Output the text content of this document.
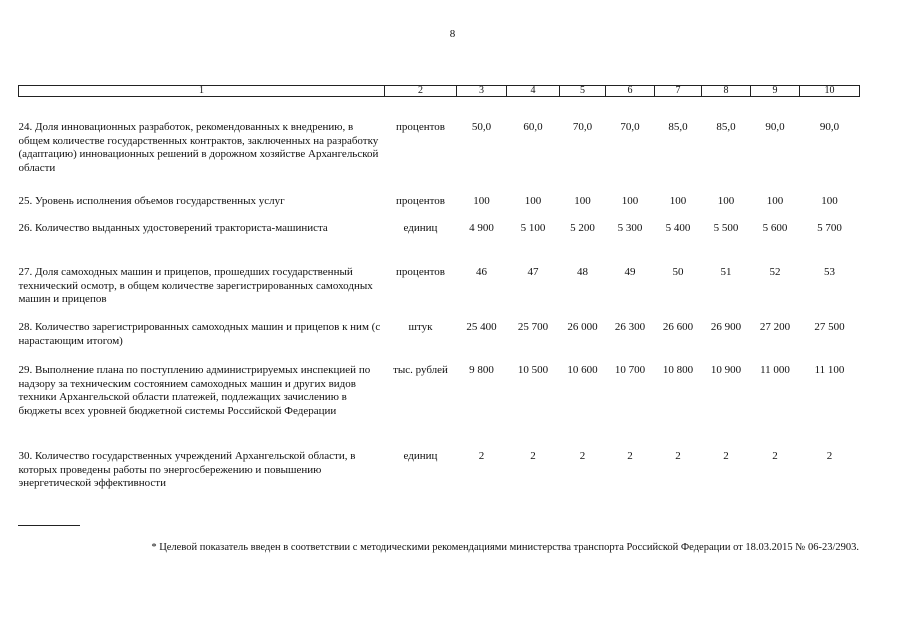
8
1	2	3	4	5	6	7	8	9	10
24. Доля инновационных разработок, рекомендованных к внедрению, в общем количестве государственных контрактов, заключенных на разработку (адаптацию) инновационных решений в дорожном хозяйстве Архангельской области	процентов	50,0	60,0	70,0	70,0	85,0	85,0	90,0	90,0
25. Уровень исполнения объемов государственных услуг	процентов	100	100	100	100	100	100	100	100
26. Количество выданных удостоверений тракториста-машиниста	единиц	4 900	5 100	5 200	5 300	5 400	5 500	5 600	5 700
27. Доля самоходных машин и прицепов, прошедших государственный технический осмотр, в общем количестве зарегистрированных самоходных машин и прицепов	процентов	46	47	48	49	50	51	52	53
28. Количество зарегистрированных самоходных машин и прицепов к ним (с нарастающим итогом)	штук	25 400	25 700	26 000	26 300	26 600	26 900	27 200	27 500
29. Выполнение плана по поступлению администрируемых инспекцией по надзору за техническим состоянием самоходных машин и других видов техники Архангельской области платежей, подлежащих зачислению в бюджеты всех уровней бюджетной системы Российской Федерации	тыс. рублей	9 800	10 500	10 600	10 700	10 800	10 900	11 000	11 100
30. Количество государственных учреждений Архангельской области, в которых проведены работы по энергосбережению и повышению энергетической эффективности	единиц	2	2	2	2	2	2	2	2
* Целевой показатель введен в соответствии с методическими рекомендациями министерства транспорта Российской Федерации от 18.03.2015 № 06-23/2903.
